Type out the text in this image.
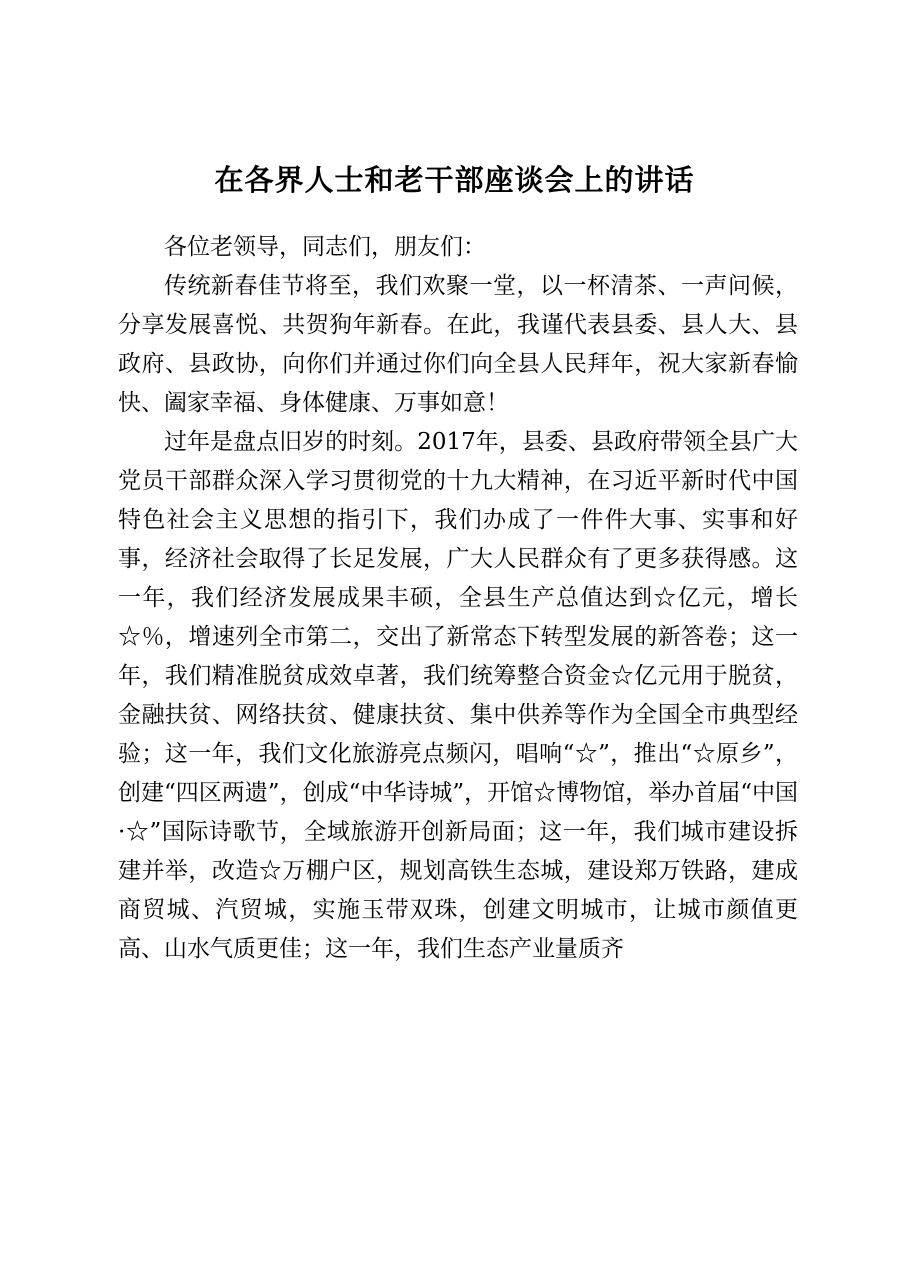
在各界人士和老干部座谈会上的讲话

各位老领导，同志们，朋友们：

传统新春佳节将至，我们欢聚一堂，以一杯清茶、一声问候，分享发展喜悦、共贺狗年新春。在此，我谨代表县委、县人大、县政府、县政协，向你们并通过你们向全县人民拜年，祝大家新春愉快、阖家幸福、身体健康、万事如意！

过年是盘点旧岁的时刻。2017年，县委、县政府带领全县广大党员干部群众深入学习贯彻党的十九大精神，在习近平新时代中国特色社会主义思想的指引下，我们办成了一件件大事、实事和好事，经济社会取得了长足发展，广大人民群众有了更多获得感。这一年，我们经济发展成果丰硕，全县生产总值达到☆亿元，增长☆％，增速列全市第二，交出了新常态下转型发展的新答卷；这一年，我们精准脱贫成效卓著，我们统筹整合资金☆亿元用于脱贫，金融扶贫、网络扶贫、健康扶贫、集中供养等作为全国全市典型经验；这一年，我们文化旅游亮点频闪，唱响“☆”，推出“☆原乡”，创建“四区两遗”，创成“中华诗城”，开馆☆博物馆，举办首届“中国·☆”国际诗歌节，全域旅游开创新局面；这一年，我们城市建设拆建并举，改造☆万棚户区，规划高铁生态城，建设郑万铁路，建成商贸城、汽贸城，实施玉带双珠，创建文明城市，让城市颜值更高、山水气质更佳；这一年，我们生态产业量质齐
